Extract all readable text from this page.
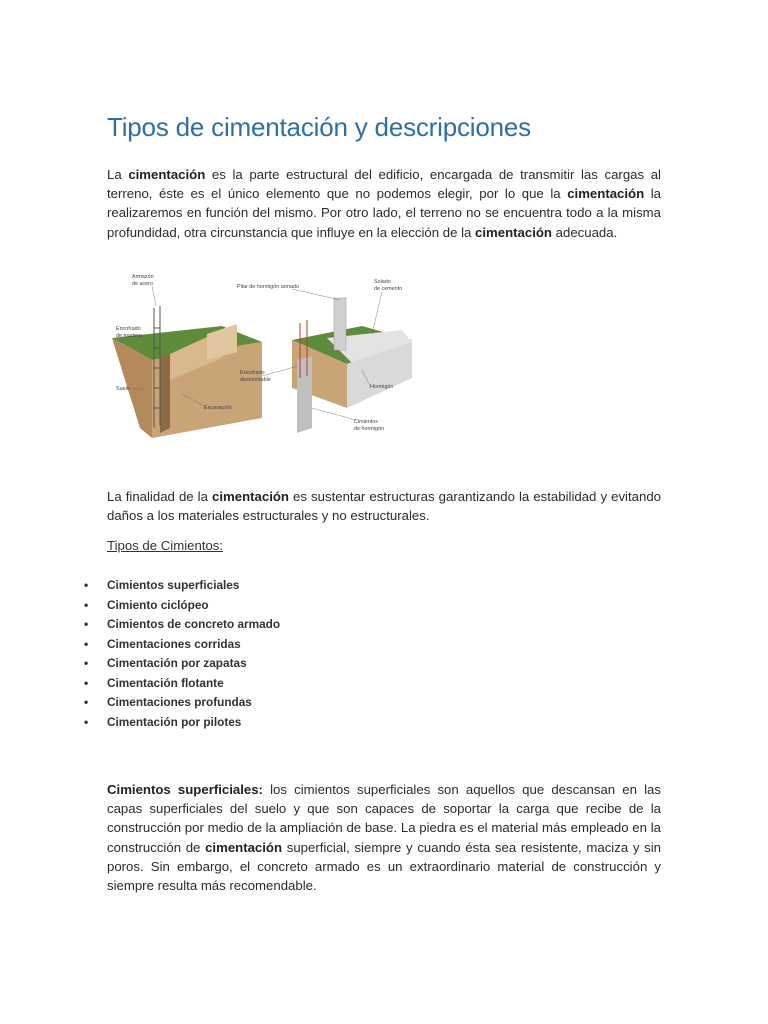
Tipos de cimentación y descripciones

La cimentación es la parte estructural del edificio, encargada de transmitir las cargas al terreno, éste es el único elemento que no podemos elegir, por lo que la cimentación la realizaremos en función del mismo. Por otro lado, el terreno no se encuentra todo a la misma profundidad, otra circunstancia que influye en la elección de la cimentación adecuada.

Armazón
de acero
Encofrado
de madera
Suelo
Excavación
Pilar de hormigón armado
Solado
de cemento
Encofrado
desmontable
Hormigón
Cimientos
de hormigón

La finalidad de la cimentación es sustentar estructuras garantizando la estabilidad y evitando daños a los materiales estructurales y no estructurales.

Tipos de Cimientos:

• Cimientos superficiales
• Cimiento ciclópeo
• Cimientos de concreto armado
• Cimentaciones corridas
• Cimentación por zapatas
• Cimentación flotante
• Cimentaciones profundas
• Cimentación por pilotes

Cimientos superficiales: los cimientos superficiales son aquellos que descansan en las capas superficiales del suelo y que son capaces de soportar la carga que recibe de la construcción por medio de la ampliación de base. La piedra es el material más empleado en la construcción de cimentación superficial, siempre y cuando ésta sea resistente, maciza y sin poros. Sin embargo, el concreto armado es un extraordinario material de construcción y siempre resulta más recomendable.
